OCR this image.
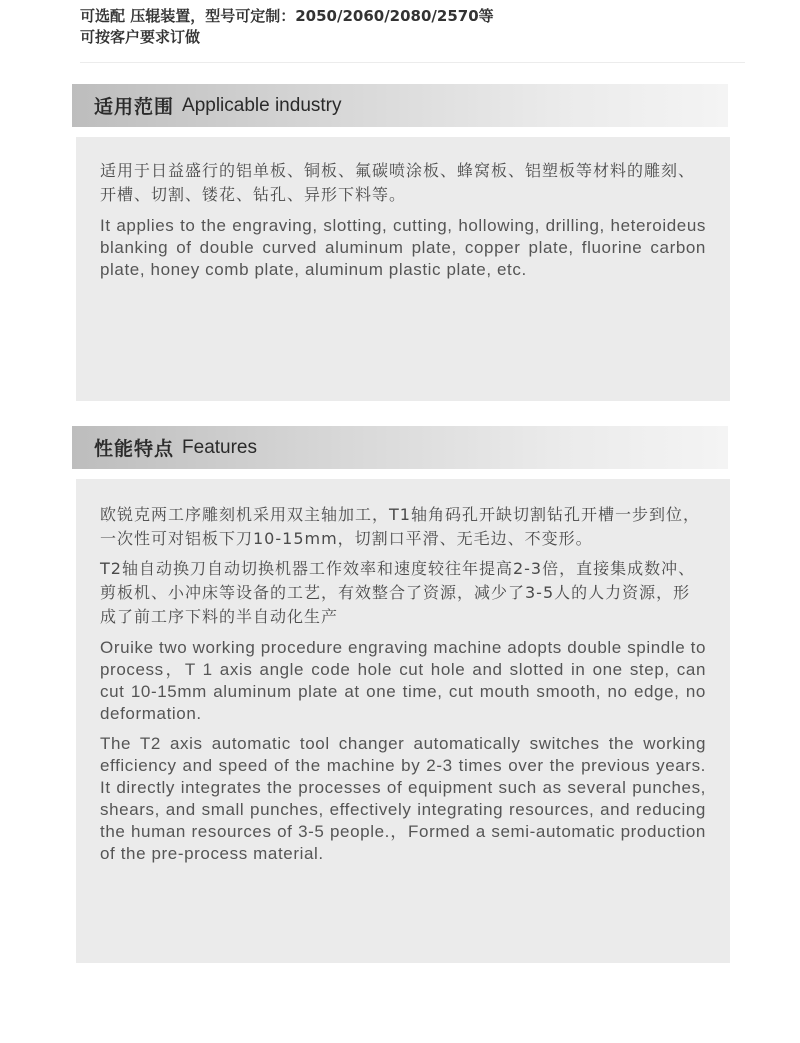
可选配 压辊装置，型号可定制：2050/2060/2080/2570等
可按客户要求订做
适用范围 Applicable industry

适用于日益盛行的铝单板、铜板、氟碳喷涂板、蜂窝板、铝塑板等材料的雕刻、开槽、切割、镂花、钻孔、异形下料等。

It applies to the engraving, slotting, cutting, hollowing, drilling, heteroideus blanking of double curved aluminum plate, copper plate, fluorine carbon plate, honey comb plate, aluminum plastic plate, etc.

性能特点 Features

欧锐克两工序雕刻机采用双主轴加工，T1轴角码孔开缺切割钻孔开槽一步到位，一次性可对铝板下刀10-15mm，切割口平滑、无毛边、不变形。

T2轴自动换刀自动切换机器工作效率和速度较往年提高2-3倍，直接集成数冲、剪板机、小冲床等设备的工艺，有效整合了资源，减少了3-5人的人力资源，形成了前工序下料的半自动化生产

Oruike two working procedure engraving machine adopts double spindle to process，T 1 axis angle code hole cut hole and slotted in one step, can cut 10-15mm aluminum plate at one time, cut mouth smooth, no edge, no deformation.

The T2 axis automatic tool changer automatically switches the working efficiency and speed of the machine by 2-3 times over the previous years. It directly integrates the processes of equipment such as several punches, shears, and small punches, effectively integrating resources, and reducing the human resources of 3-5 people.，Formed a semi-automatic production of the pre-process material.
